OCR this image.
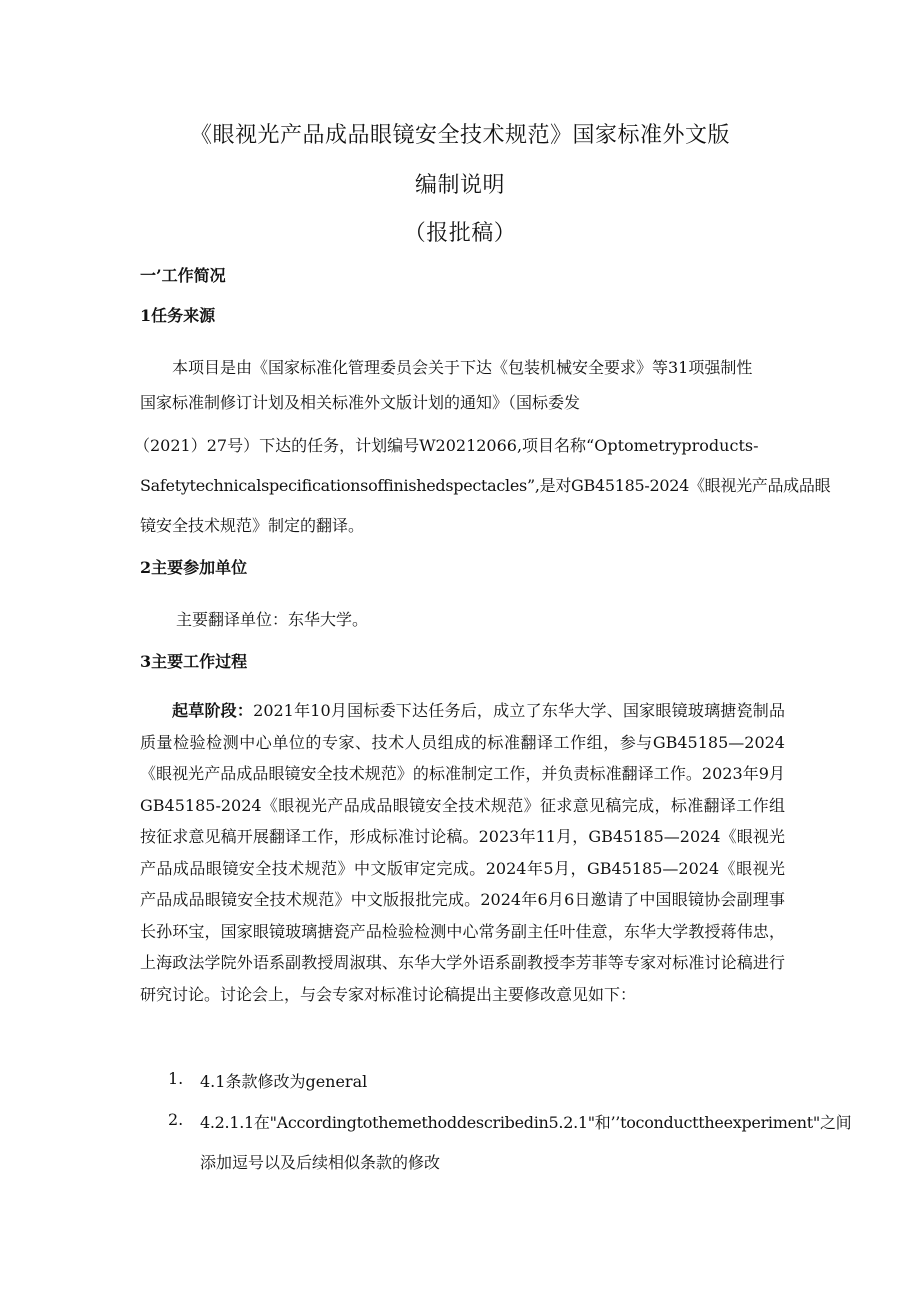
《眼视光产品成品眼镜安全技术规范》国家标准外文版
编制说明
（报批稿）
一’工作简况
1任务来源
本项目是由《国家标准化管理委员会关于下达《包装机械安全要求》等31项强制性
国家标准制修订计划及相关标准外文版计划的通知》（国标委发
（2021）27号）下达的任务，计划编号W20212066,项目名称“Optometryproducts-
Safetytechnicalspecificationsoffinishedspectacles”,是对GB45185-2024《眼视光产品成品眼
镜安全技术规范》制定的翻译。
2主要参加单位
主要翻译单位：东华大学。
3主要工作过程
起草阶段：2021年10月国标委下达任务后，成立了东华大学、国家眼镜玻璃搪瓷制品质量检验检测中心单位的专家、技术人员组成的标准翻译工作组，参与GB45185—2024《眼视光产品成品眼镜安全技术规范》的标准制定工作，并负责标准翻译工作。2023年9月GB45185-2024《眼视光产品成品眼镜安全技术规范》征求意见稿完成，标准翻译工作组按征求意见稿开展翻译工作，形成标准讨论稿。2023年11月，GB45185—2024《眼视光产品成品眼镜安全技术规范》中文版审定完成。2024年5月，GB45185—2024《眼视光产品成品眼镜安全技术规范》中文版报批完成。2024年6月6日邀请了中国眼镜协会副理事长孙环宝，国家眼镜玻璃搪瓷产品检验检测中心常务副主任叶佳意，东华大学教授蒋伟忠，上海政法学院外语系副教授周淑琪、东华大学外语系副教授李芳菲等专家对标准讨论稿进行研究讨论。讨论会上，与会专家对标准讨论稿提出主要修改意见如下：
1. 4.1条款修改为general
2. 4.2.1.1在"Accordingtothemethoddescribedin5.2.1"和’’toconducttheexperiment"之间
添加逗号以及后续相似条款的修改
